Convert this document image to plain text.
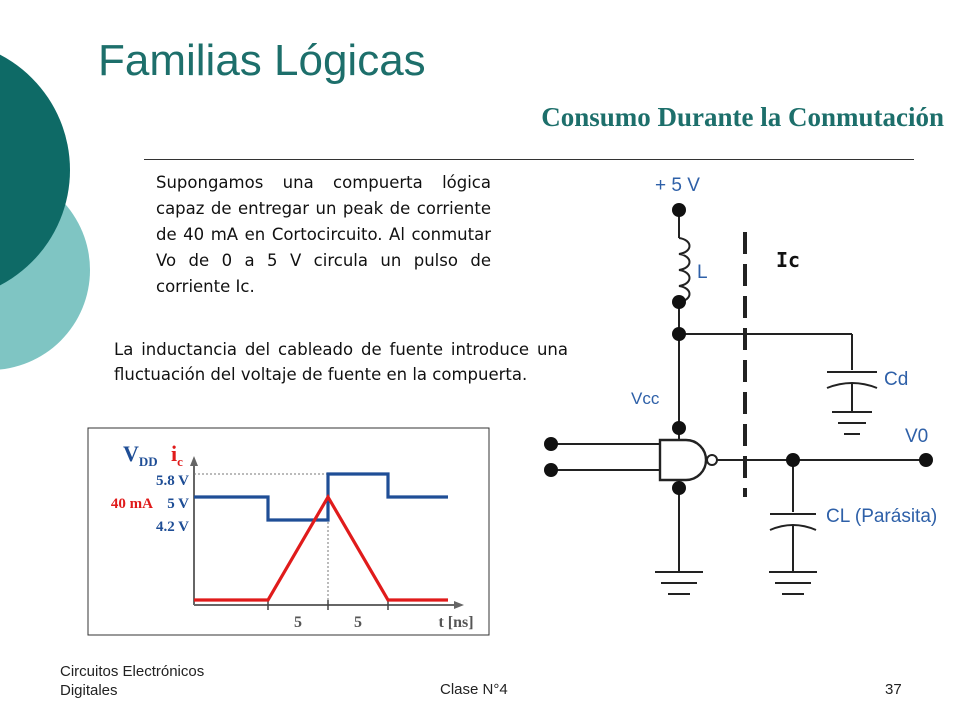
Familias Lógicas
Consumo Durante la Conmutación
Supongamos una compuerta lógica capaz de entregar un peak de corriente de 40 mA en Cortocircuito. Al conmutar Vo de 0 a 5 V circula un pulso de corriente Ic.
La inductancia del cableado de fuente introduce una fluctuación del voltaje de fuente en la compuerta.
+ 5 V
L
Cd
Vcc
V0
CL (Parásita)
Ic
$V_{DD}$ $i_c$
5.8 V
40 mA 5 V
4.2 V
5	5	t [ns]
Circuitos Electrónicos Digitales	Clase N°4	37
